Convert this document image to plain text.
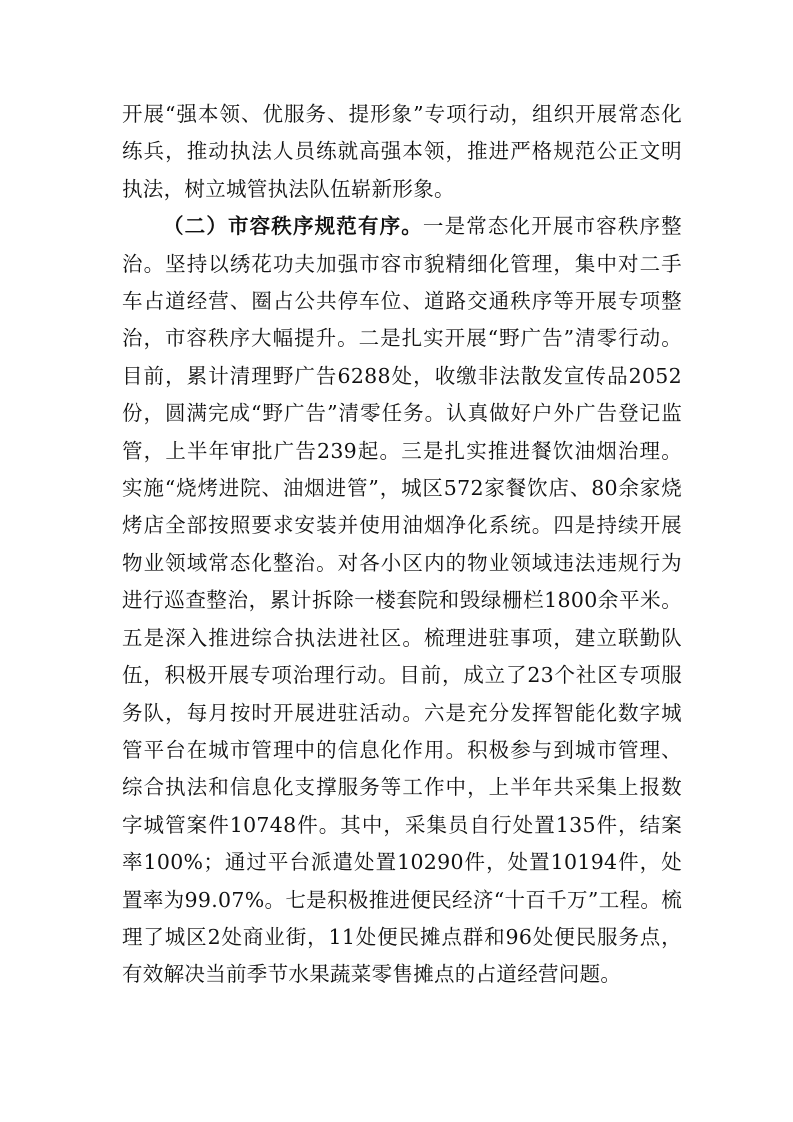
开展“强本领、优服务、提形象”专项行动，组织开展常态化练兵，推动执法人员练就高强本领，推进严格规范公正文明执法，树立城管执法队伍崭新形象。

（二）市容秩序规范有序。一是常态化开展市容秩序整治。坚持以绣花功夫加强市容市貌精细化管理，集中对二手车占道经营、圈占公共停车位、道路交通秩序等开展专项整治，市容秩序大幅提升。二是扎实开展“野广告”清零行动。目前，累计清理野广告6288处，收缴非法散发宣传品2052份，圆满完成“野广告”清零任务。认真做好户外广告登记监管，上半年审批广告239起。三是扎实推进餐饮油烟治理。实施“烧烤进院、油烟进管”，城区572家餐饮店、80余家烧烤店全部按照要求安装并使用油烟净化系统。四是持续开展物业领域常态化整治。对各小区内的物业领域违法违规行为进行巡查整治，累计拆除一楼套院和毁绿栅栏1800余平米。五是深入推进综合执法进社区。梳理进驻事项，建立联勤队伍，积极开展专项治理行动。目前，成立了23个社区专项服务队，每月按时开展进驻活动。六是充分发挥智能化数字城管平台在城市管理中的信息化作用。积极参与到城市管理、综合执法和信息化支撑服务等工作中，上半年共采集上报数字城管案件10748件。其中，采集员自行处置135件，结案率100%；通过平台派遣处置10290件，处置10194件，处置率为99.07%。七是积极推进便民经济“十百千万”工程。梳理了城区2处商业街，11处便民摊点群和96处便民服务点，有效解决当前季节水果蔬菜零售摊点的占道经营问题。
